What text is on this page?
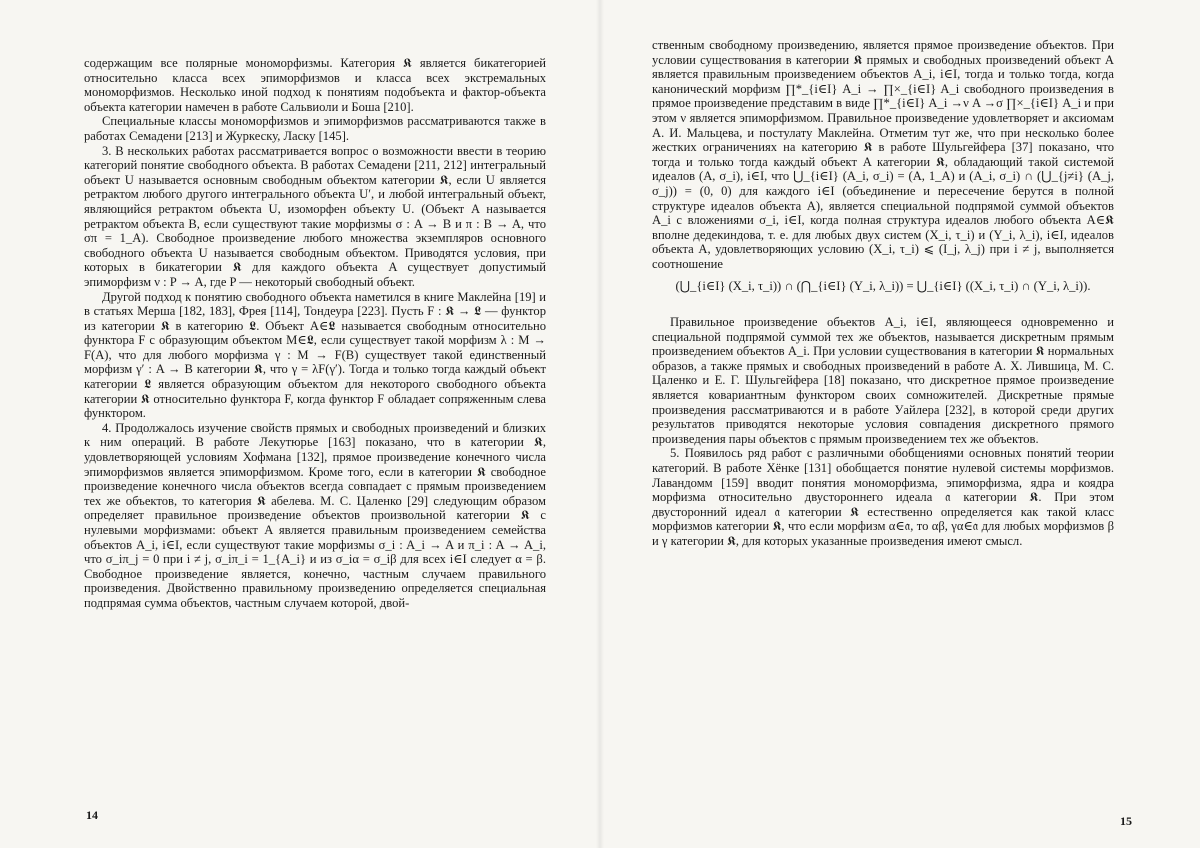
содержащим все полярные мономорфизмы. Категория 𝕶 является бикатегорией относительно класса всех эпиморфизмов и класса всех экстремальных мономорфизмов. Несколько иной подход к понятиям подобъекта и фактор-объекта объекта категории намечен в работе Сальвиоли и Боша [210].

Специальные классы мономорфизмов и эпиморфизмов рассматриваются также в работах Семадени [213] и Журкеску, Ласку [145].

3. В нескольких работах рассматривается вопрос о возможности ввести в теорию категорий понятие свободного объекта. В работах Семадени [211, 212] интегральный объект U называется основным свободным объектом категории 𝕶, если U является ретрактом любого другого интегрального объекта U′, и любой интегральный объект, являющийся ретрактом объекта U, изоморфен объекту U. (Объект A называется ретрактом объекта B, если существуют такие морфизмы σ : A → B и π : B → A, что σπ = 1_A). Свободное произведение любого множества экземпляров основного свободного объекта U называется свободным объектом. Приводятся условия, при которых в бикатегории 𝕶 для каждого объекта A существует допустимый эпиморфизм ν : P → A, где P — некоторый свободный объект.

Другой подход к понятию свободного объекта наметился в книге Маклейна [19] и в статьях Мерша [182, 183], Фрея [114], Тондеура [223]. Пусть F : 𝕶 → 𝕷 — функтор из категории 𝕶 в категорию 𝕷. Объект A∈𝕷 называется свободным относительно функтора F с образующим объектом M∈𝕷, если существует такой морфизм λ : M → F(A), что для любого морфизма γ : M → F(B) существует такой единственный морфизм γ′ : A → B категории 𝕶, что γ = λF(γ′). Тогда и только тогда каждый объект категории 𝕷 является образующим объектом для некоторого свободного объекта категории 𝕶 относительно функтора F, когда функтор F обладает сопряженным слева функтором.

4. Продолжалось изучение свойств прямых и свободных произведений и близких к ним операций. В работе Лекутюрье [163] показано, что в категории 𝕶, удовлетворяющей условиям Хофмана [132], прямое произведение конечного числа эпиморфизмов является эпиморфизмом. Кроме того, если в категории 𝕶 свободное произведение конечного числа объектов всегда совпадает с прямым произведением тех же объектов, то категория 𝕶 абелева. М. С. Цаленко [29] следующим образом определяет правильное произведение объектов произвольной категории 𝕶 с нулевыми морфизмами: объект A является правильным произведением семейства объектов A_i, i∈I, если существуют такие морфизмы σ_i : A_i → A и π_i : A → A_i, что σ_iπ_j = 0 при i ≠ j, σ_iπ_i = 1_{A_i} и из σ_iα = σ_iβ для всех i∈I следует α = β. Свободное произведение является, конечно, частным случаем правильного произведения. Двойственно правильному произведению определяется специальная подпрямая сумма объектов, частным случаем которой, двой-

14

ственным свободному произведению, является прямое произведение объектов. При условии существования в категории 𝕶 прямых и свободных произведений объект A является правильным произведением объектов A_i, i∈I, тогда и только тогда, когда канонический морфизм ∏*_{i∈I} A_i → ∏×_{i∈I} A_i свободного произведения в прямое произведение представим в виде ∏*_{i∈I} A_i →ν A →σ ∏×_{i∈I} A_i и при этом ν является эпиморфизмом. Правильное произведение удовлетворяет и аксиомам А. И. Мальцева, и постулату Маклейна. Отметим тут же, что при несколько более жестких ограничениях на категорию 𝕶 в работе Шульгейфера [37] показано, что тогда и только тогда каждый объект A категории 𝕶, обладающий такой системой идеалов (A, σ_i), i∈I, что ⋃_{i∈I} (A_i, σ_i) = (A, 1_A) и (A_i, σ_i) ∩ (⋃_{j≠i} (A_j, σ_j)) = (0, 0) для каждого i∈I (объединение и пересечение берутся в полной структуре идеалов объекта A), является специальной подпрямой суммой объектов A_i с вложениями σ_i, i∈I, когда полная структура идеалов любого объекта A∈𝕶 вполне дедекиндова, т. е. для любых двух систем (X_i, τ_i) и (Y_i, λ_i), i∈I, идеалов объекта A, удовлетворяющих условию (X_i, τ_i) ⩽ (I_j, λ_j) при i ≠ j, выполняется соотношение

(⋃_{i∈I} (X_i, τ_i)) ∩ (⋂_{i∈I} (Y_i, λ_i)) = ⋃_{i∈I} ((X_i, τ_i) ∩ (Y_i, λ_i)).

Правильное произведение объектов A_i, i∈I, являющееся одновременно и специальной подпрямой суммой тех же объектов, называется дискретным прямым произведением объектов A_i. При условии существования в категории 𝕶 нормальных образов, а также прямых и свободных произведений в работе А. Х. Лившица, М. С. Цаленко и Е. Г. Шульгейфера [18] показано, что дискретное прямое произведение является ковариантным функтором своих сомножителей. Дискретные прямые произведения рассматриваются и в работе Уайлера [232], в которой среди других результатов приводятся некоторые условия совпадения дискретного прямого произведения пары объектов с прямым произведением тех же объектов.

5. Появилось ряд работ с различными обобщениями основных понятий теории категорий. В работе Хёнке [131] обобщается понятие нулевой системы морфизмов. Лавандомм [159] вводит понятия мономорфизма, эпиморфизма, ядра и коядра морфизма относительно двустороннего идеала 𝔞 категории 𝕶. При этом двусторонний идеал 𝔞 категории 𝕶 естественно определяется как такой класс морфизмов категории 𝕶, что если морфизм α∈𝔞, то αβ, γα∈𝔞 для любых морфизмов β и γ категории 𝕶, для которых указанные произведения имеют смысл.

15
